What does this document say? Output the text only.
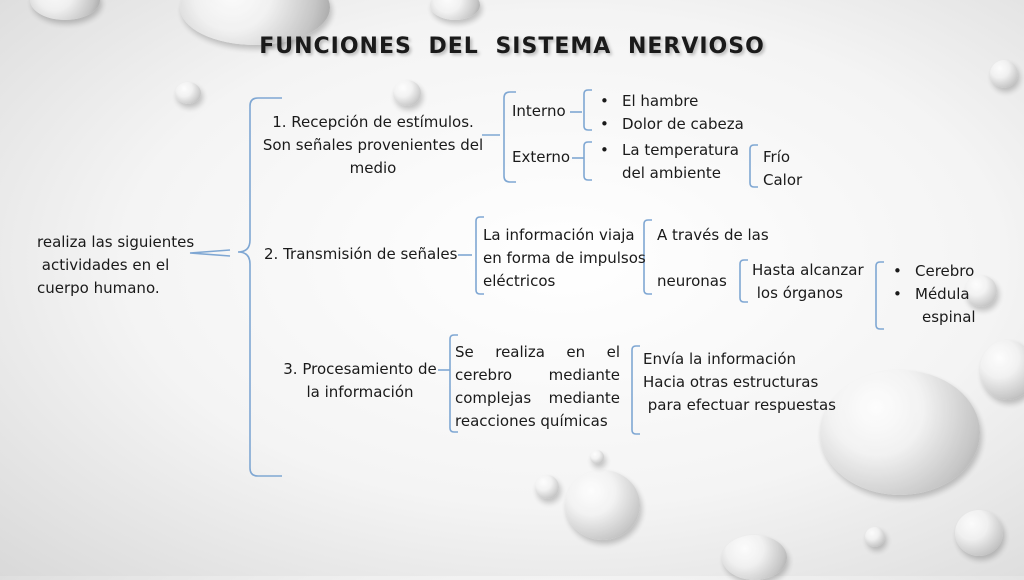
FUNCIONES DEL SISTEMA NERVIOSO
realiza las siguientes
actividades en el
cuerpo humano.
1. Recepción de estímulos.
Son señales provenientes del
medio
Interno
Externo
• El hambre
• Dolor de cabeza
• La temperatura
del ambiente
Frío
Calor
2. Transmisión de señales
La información viaja
en forma de impulsos
eléctricos
A través de las
neuronas
Hasta alcanzar
los órganos
• Cerebro
• Médula
espinal
3. Procesamiento de
la información
Se realiza en el
cerebro mediante
complejas mediante
reacciones químicas
Envía la información
Hacia otras estructuras
para efectuar respuestas
